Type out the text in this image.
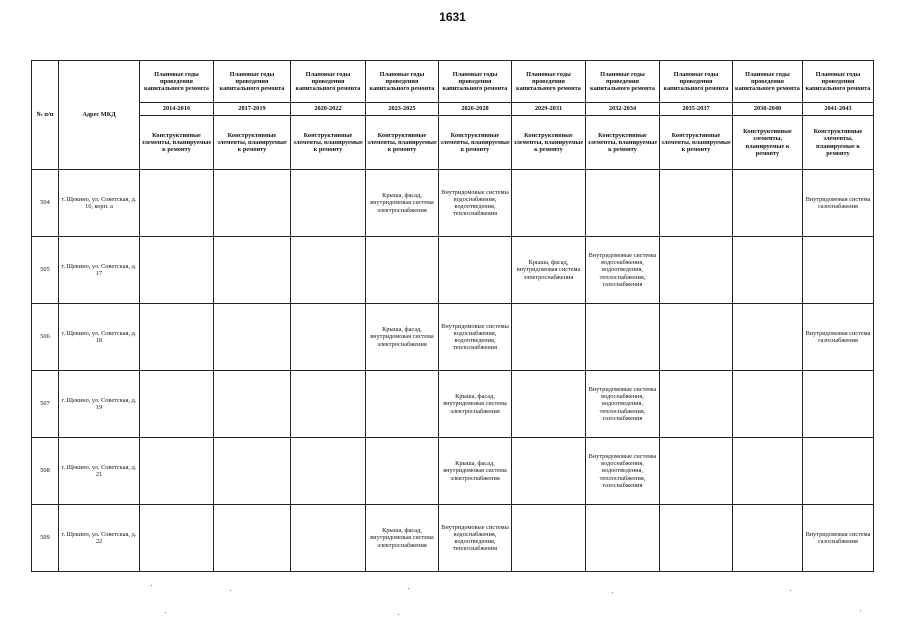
1631
№ п/п	Адрес МКД	Плановые годы проведения капитального ремонта	Плановые годы проведения капитального ремонта	Плановые годы проведения капитального ремонта	Плановые годы проведения капитального ремонта	Плановые годы проведения капитального ремонта	Плановые годы проведения капитального ремонта	Плановые годы проведения капитального ремонта	Плановые годы проведения капитального ремонта	Плановые годы проведения капитального ремонта	Плановые годы проведения капитального ремонта
		2014-2016	2017-2019	2020-2022	2023-2025	2026-2028	2029-2031	2032-2034	2035-2037	2038-2040	2041-2043
		Конструктивные элементы, планируемые к ремонту	Конструктивные элементы, планируемые к ремонту	Конструктивные элементы, планируемые к ремонту	Конструктивные элементы, планируемые к ремонту	Конструктивные элементы, планируемые к ремонту	Конструктивные элементы, планируемые к ремонту	Конструктивные элементы, планируемые к ремонту	Конструктивные элементы, планируемые к ремонту	Конструктивные элементы, планируемые к ремонту	Конструктивные элементы, планируемые к ремонту
504	г. Щекино, ул. Советская, д. 16, корп. а				Крыша, фасад, внутридомовая система электроснабжения	Внутридомовые системы водоснабжения, водоотведения, теплоснабжения					Внутридомовая система газоснабжения
505	г. Щекино, ул. Советская, д. 17						Крыша, фасад, внутридомовая система электроснабжения	Внутридомовые системы водоснабжения, водоотведения, теплоснабжения, газоснабжения			
506	г. Щекино, ул. Советская, д. 18				Крыша, фасад, внутридомовая система электроснабжения	Внутридомовые системы водоснабжения, водоотведения, теплоснабжения					Внутридомовая система газоснабжения
507	г. Щекино, ул. Советская, д. 19					Крыша, фасад, внутридомовая система электроснабжения		Внутридомовые системы водоснабжения, водоотведения, теплоснабжения, газоснабжения			
508	г. Щекино, ул. Советская, д. 21					Крыша, фасад, внутридомовая система электроснабжения		Внутридомовые системы водоснабжения, водоотведения, теплоснабжения, газоснабжения			
509	г. Щекино, ул. Советская, д. 22				Крыша, фасад, внутридомовая система электроснабжения	Внутридомовые системы водоснабжения, водоотведения, теплоснабжения					Внутридомовая система газоснабжения
